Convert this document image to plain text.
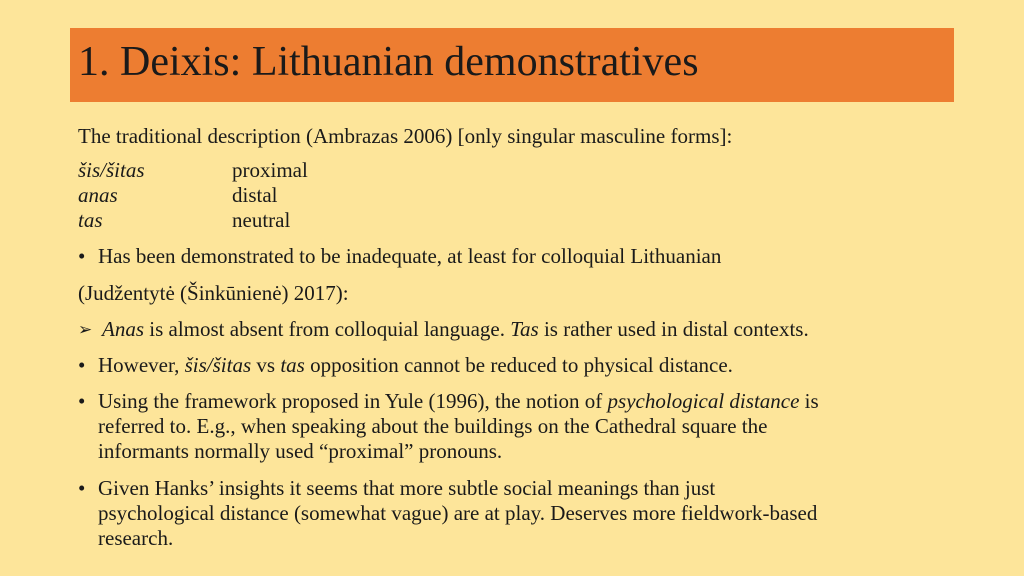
1. Deixis: Lithuanian demonstratives
The traditional description (Ambrazas 2006) [only singular masculine forms]:
šis/šitas	proximal
anas	distal
tas	neutral
• Has been demonstrated to be inadequate, at least for colloquial Lithuanian
(Judžentytė (Šinkūnienė) 2017):
➢ Anas is almost absent from colloquial language. Tas is rather used in distal contexts.
• However, šis/šitas vs tas opposition cannot be reduced to physical distance.
• Using the framework proposed in Yule (1996), the notion of psychological distance is
referred to. E.g., when speaking about the buildings on the Cathedral square the
informants normally used “proximal” pronouns.
• Given Hanks’ insights it seems that more subtle social meanings than just
psychological distance (somewhat vague) are at play. Deserves more fieldwork-based
research.
